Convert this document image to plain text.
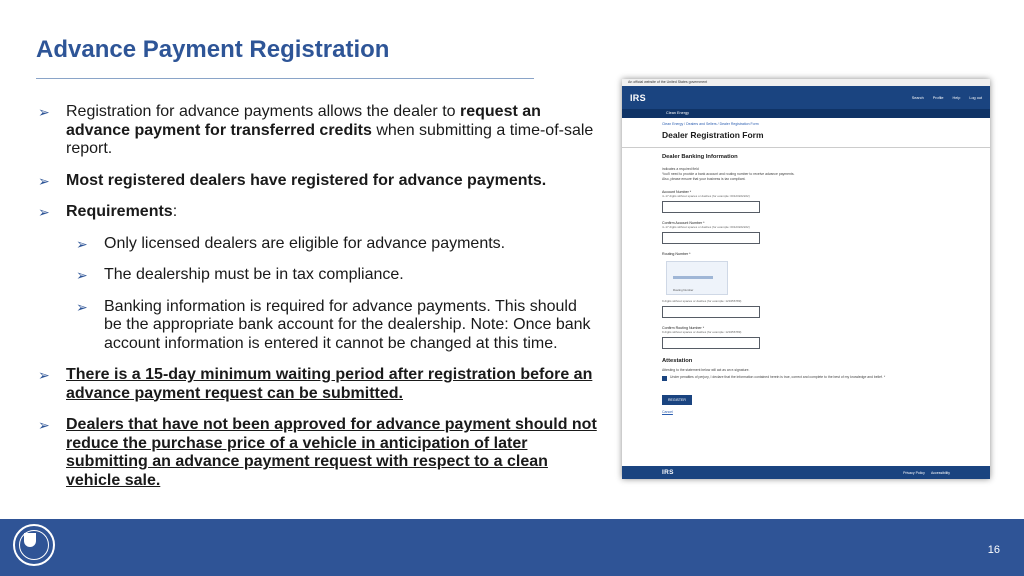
Advance Payment Registration
➢ Registration for advance payments allows the dealer to request an advance payment for transferred credits when submitting a time-of-sale report.
➢ Most registered dealers have registered for advance payments.
➢ Requirements:
➢ Only licensed dealers are eligible for advance payments.
➢ The dealership must be in tax compliance.
➢ Banking information is required for advance payments. This should be the appropriate bank account for the dealership. Note: Once bank account information is entered it cannot be changed at this time.
➢ There is a 15-day minimum waiting period after registration before an advance payment request can be submitted.
➢ Dealers that have not been approved for advance payment should not reduce the purchase price of a vehicle in anticipation of later submitting an advance payment request with respect to a clean vehicle sale.
An official website of the United States government
IRS	Search Profile Help Log out
Clean Energy
Clean Energy / Dealers and Sellers / Dealer Registration Form
Dealer Registration Form
Dealer Banking Information
indicates a required field
You'll need to provide a bank account and routing number to receive advance payments.
Also, please ensure that your business is tax compliant.
Account Number *
4–17 digits without spaces or dashes (for example: 00123222222)
Confirm Account Number *
4–17 digits without spaces or dashes (for example: 00123222222)
Routing Number *
Routing Number
9 digits without spaces or dashes (for example: 123456789)
Confirm Routing Number *
9 digits without spaces or dashes (for example: 123456789)
Attestation
Attesting to the statement below will act as an e-signature.
Under penalties of perjury, I declare that the information contained herein is true, correct and complete to the best of my knowledge and belief. *
REGISTER
Cancel
IRS	Privacy Policy Accessibility
16
